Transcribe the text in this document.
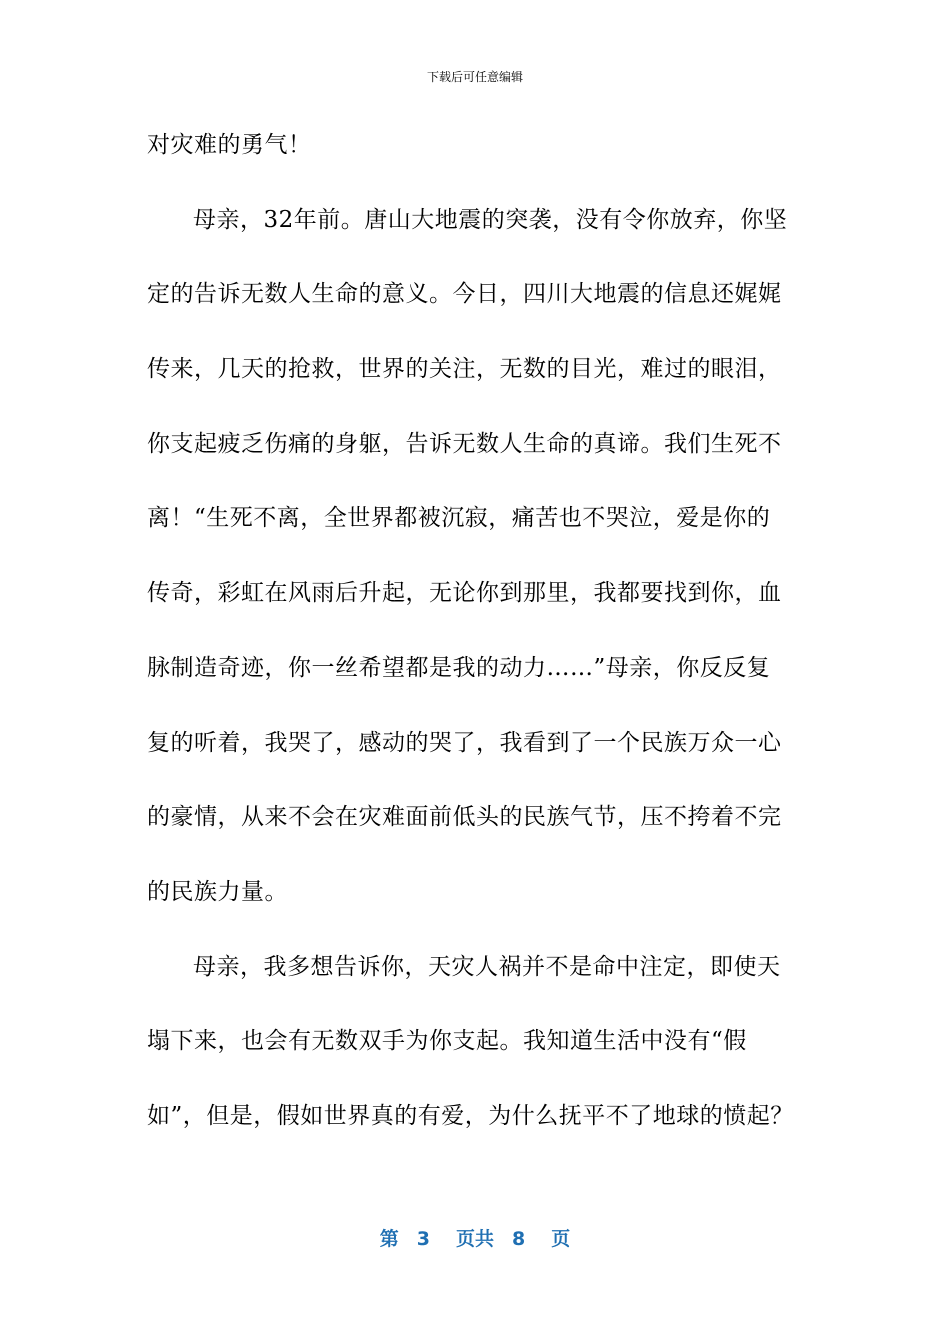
下载后可任意编辑
对灾难的勇气！
母亲，32年前。唐山大地震的突袭，没有令你放弃，你坚
定的告诉无数人生命的意义。今日，四川大地震的信息还娓娓
传来，几天的抢救，世界的关注，无数的目光，难过的眼泪，
你支起疲乏伤痛的身躯，告诉无数人生命的真谛。我们生死不
离！“生死不离，全世界都被沉寂，痛苦也不哭泣，爱是你的
传奇，彩虹在风雨后升起，无论你到那里，我都要找到你，血
脉制造奇迹，你一丝希望都是我的动力……”母亲，你反反复
复的听着，我哭了，感动的哭了，我看到了一个民族万众一心
的豪情，从来不会在灾难面前低头的民族气节，压不挎着不完
的民族力量。
母亲，我多想告诉你，天灾人祸并不是命中注定，即使天
塌下来，也会有无数双手为你支起。我知道生活中没有“假
如”，但是，假如世界真的有爱，为什么抚平不了地球的愤起？
第 3 页共 8 页
